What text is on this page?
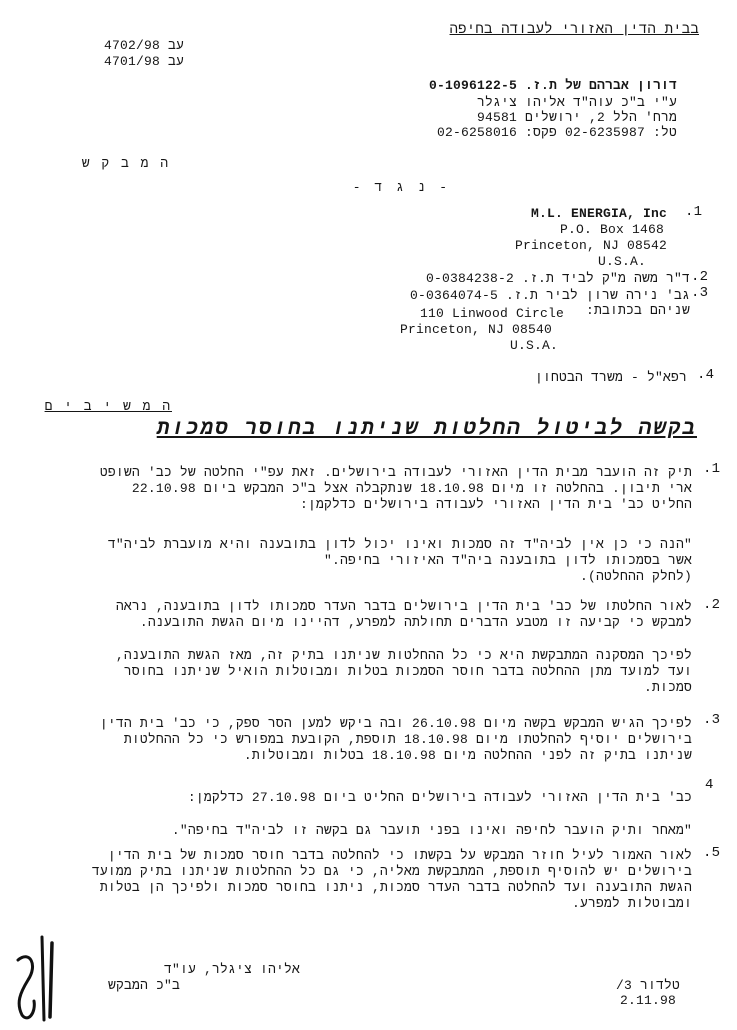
בבית הדין האזורי לעבודה בחיפה
עב 4702/98
עב 4701/98
דורון אברהם של ת.ז. 0-1096122-5
ע"י ב"כ עוה"ד אליהו ציגלר
מרח' הלל 2, ירושלים 94581
טל: 02-6235987 פקס: 02-6258016
ה מ ב ק ש
- נ ג ד -
.1
M.L. ENERGIA, Inc
P.O. Box 1468
Princeton, NJ 08542
U.S.A.
.2
ד"ר משה מ"ק לביד ת.ז. 0-0384238-2
.3
גב' נירה שרון לביר ת.ז. 0-0364074-5
שניהם בכתובת:
110 Linwood Circle
Princeton, NJ 08540
U.S.A.
.4
רפא"ל - משרד הבטחון
ה מ ש י ב י ם
בקשה לביטול החלטות שניתנו בחוסר סמכות
.1
תיק זה הועבר מבית הדין האזורי לעבודה בירושלים. זאת עפ"י החלטה של כב' השופט
ארי תיבון. בהחלטה זו מיום 18.10.98 שנתקבלה אצל ב"כ המבקש ביום 22.10.98
החליט כב' בית הדין האזורי לעבודה בירושלים כדלקמן:
"הנה כי כן אין לביה"ד זה סמכות ואינו יכול לדון בתובענה והיא מועברת לביה"ד
אשר בסמכותו לדון בתובענה ביה"ד האיזורי בחיפה."
(לחלק ההחלטה).
.2
לאור החלטתו של כב' בית הדין בירושלים בדבר העדר סמכותו לדון בתובענה, נראה
למבקש כי קביעה זו מטבע הדברים תחולתה למפרע, דהיינו מיום הגשת התובענה.
לפיכך המסקנה המתבקשת היא כי כל ההחלטות שניתנו בתיק זה, מאז הגשת התובענה,
ועד למועד מתן ההחלטה בדבר חוסר הסמכות בטלות ומבוטלות הואיל שניתנו בחוסר
סמכות.
.3
לפיכך הגיש המבקש בקשה מיום 26.10.98 ובה ביקש למען הסר ספק, כי כב' בית הדין
בירושלים יוסיף להחלטתו מיום 18.10.98 תוספת, הקובעת במפורש כי כל ההחלטות
שניתנו בתיק זה לפני ההחלטה מיום 18.10.98 בטלות ומבוטלות.
4
כב' בית הדין האזורי לעבודה בירושלים החליט ביום 27.10.98 כדלקמן:
"מאחר ותיק הועבר לחיפה ואינו בפני תועבר גם בקשה זו לביה"ד בחיפה".
.5
לאור האמור לעיל חוזר המבקש על בקשתו כי להחלטה בדבר חוסר סמכות של בית הדין
בירושלים יש להוסיף תוספת, המתבקשת מאליה, כי גם כל ההחלטות שניתנו בתיק ממועד
הגשת התובענה ועד להחלטה בדבר העדר סמכות, ניתנו בחוסר סמכות ולפיכך הן בטלות
ומבוטלות למפרע.
אליהו ציגלר, עו"ד
ב"כ המבקש	טלדור 3/
2.11.98
